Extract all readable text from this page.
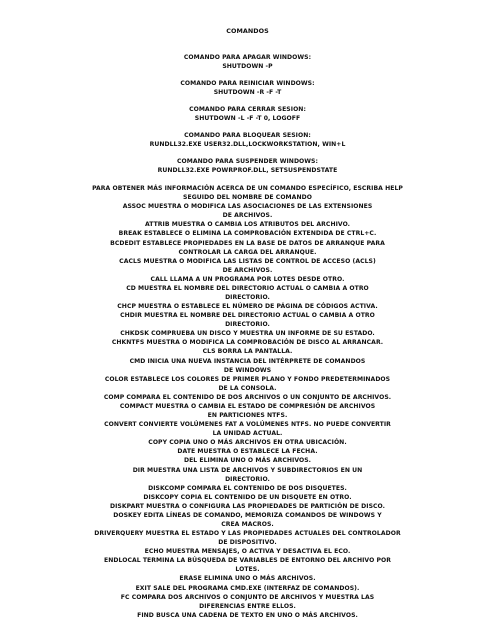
COMANDOS
COMANDO PARA APAGAR WINDOWS:
SHUTDOWN -P
COMANDO PARA REINICIAR WINDOWS:
SHUTDOWN -R -F -T
COMANDO PARA CERRAR SESION:
SHUTDOWN -L -F -T 0, LOGOFF
COMANDO PARA BLOQUEAR SESION:
RUNDLL32.EXE USER32.DLL,LOCKWORKSTATION, WIN+L
COMANDO PARA SUSPENDER WINDOWS:
RUNDLL32.EXE POWRPROF.DLL, SETSUSPENDSTATE
PARA OBTENER MÁS INFORMACIÓN ACERCA DE UN COMANDO ESPECÍFICO, ESCRIBA HELP
SEGUIDO DEL NOMBRE DE COMANDO
ASSOC MUESTRA O MODIFICA LAS ASOCIACIONES DE LAS EXTENSIONES
DE ARCHIVOS.
ATTRIB MUESTRA O CAMBIA LOS ATRIBUTOS DEL ARCHIVO.
BREAK ESTABLECE O ELIMINA LA COMPROBACIÓN EXTENDIDA DE CTRL+C.
BCDEDIT ESTABLECE PROPIEDADES EN LA BASE DE DATOS DE ARRANQUE PARA
CONTROLAR LA CARGA DEL ARRANQUE.
CACLS MUESTRA O MODIFICA LAS LISTAS DE CONTROL DE ACCESO (ACLS)
DE ARCHIVOS.
CALL LLAMA A UN PROGRAMA POR LOTES DESDE OTRO.
CD MUESTRA EL NOMBRE DEL DIRECTORIO ACTUAL O CAMBIA A OTRO
DIRECTORIO.
CHCP MUESTRA O ESTABLECE EL NÚMERO DE PÁGINA DE CÓDIGOS ACTIVA.
CHDIR MUESTRA EL NOMBRE DEL DIRECTORIO ACTUAL O CAMBIA A OTRO
DIRECTORIO.
CHKDSK COMPRUEBA UN DISCO Y MUESTRA UN INFORME DE SU ESTADO.
CHKNTFS MUESTRA O MODIFICA LA COMPROBACIÓN DE DISCO AL ARRANCAR.
CLS BORRA LA PANTALLA.
CMD INICIA UNA NUEVA INSTANCIA DEL INTÉRPRETE DE COMANDOS
DE WINDOWS
COLOR ESTABLECE LOS COLORES DE PRIMER PLANO Y FONDO PREDETERMINADOS
DE LA CONSOLA.
COMP COMPARA EL CONTENIDO DE DOS ARCHIVOS O UN CONJUNTO DE ARCHIVOS.
COMPACT MUESTRA O CAMBIA EL ESTADO DE COMPRESIÓN DE ARCHIVOS
EN PARTICIONES NTFS.
CONVERT CONVIERTE VOLÚMENES FAT A VOLÚMENES NTFS. NO PUEDE CONVERTIR
LA UNIDAD ACTUAL.
COPY COPIA UNO O MÁS ARCHIVOS EN OTRA UBICACIÓN.
DATE MUESTRA O ESTABLECE LA FECHA.
DEL ELIMINA UNO O MÁS ARCHIVOS.
DIR MUESTRA UNA LISTA DE ARCHIVOS Y SUBDIRECTORIOS EN UN
DIRECTORIO.
DISKCOMP COMPARA EL CONTENIDO DE DOS DISQUETES.
DISKCOPY COPIA EL CONTENIDO DE UN DISQUETE EN OTRO.
DISKPART MUESTRA O CONFIGURA LAS PROPIEDADES DE PARTICIÓN DE DISCO.
DOSKEY EDITA LÍNEAS DE COMANDO, MEMORIZA COMANDOS DE WINDOWS Y
CREA MACROS.
DRIVERQUERY MUESTRA EL ESTADO Y LAS PROPIEDADES ACTUALES DEL CONTROLADOR
DE DISPOSITIVO.
ECHO MUESTRA MENSAJES, O ACTIVA Y DESACTIVA EL ECO.
ENDLOCAL TERMINA LA BÚSQUEDA DE VARIABLES DE ENTORNO DEL ARCHIVO POR
LOTES.
ERASE ELIMINA UNO O MÁS ARCHIVOS.
EXIT SALE DEL PROGRAMA CMD.EXE (INTERFAZ DE COMANDOS).
FC COMPARA DOS ARCHIVOS O CONJUNTO DE ARCHIVOS Y MUESTRA LAS
DIFERENCIAS ENTRE ELLOS.
FIND BUSCA UNA CADENA DE TEXTO EN UNO O MÁS ARCHIVOS.
